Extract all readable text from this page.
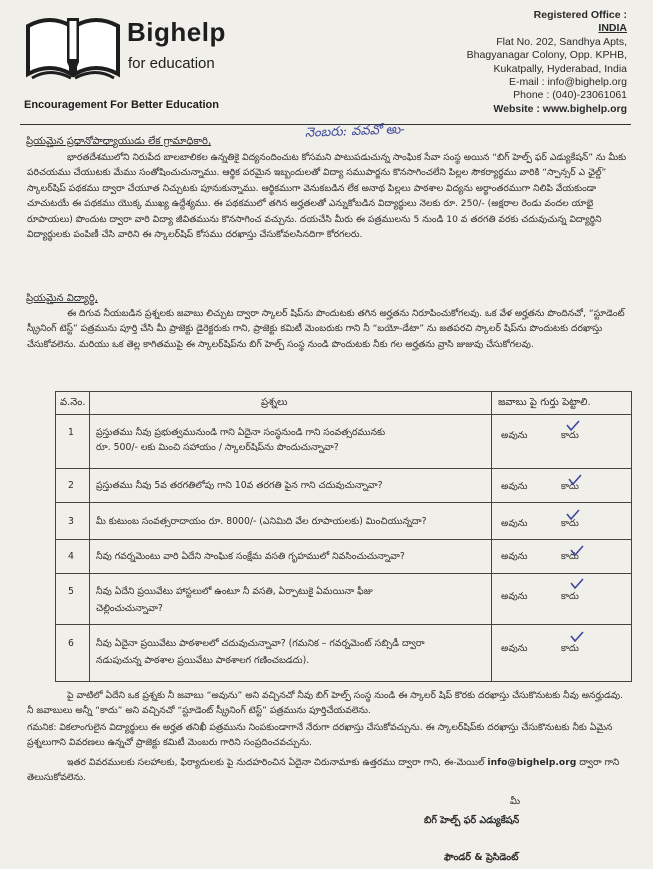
Bighelp
for education
Encouragement For Better Education
Registered Office :
INDIA
Flat No. 202, Sandhya Apts,
Bhagyanagar Colony, Opp. KPHB,
Kukatpally, Hyderabad, India
E-mail : info@bighelp.org
Phone : (040)-23061061
Website : www.bighelp.org
ప్రియమైన ప్రధానోపాధ్యాయుడు లేక గ్రామాధికారి,
నెంబరు: వవవో అు-
భారతదేశములోని నిరుపేద బాలబాలికల ఉన్నతికై విద్యనందించుట కోసమని పాటుపడుచున్న సాంఘిక సేవా సంస్థ అయిన “బిగ్ హెల్ప్ ఫర్ ఎడ్యుకేషన్” ను మీకు పరిచయము చేయుటకు మేము సంతోషించుచున్నాము. ఆర్థిక పరమైన ఇబ్బందులతో విద్యా సముపార్జను కొనసాగించలేని పిల్లల సౌకర్యార్థము వారికి “స్పాన్సర్ ఎ ఛైల్డ్” స్కాలర్‌షిప్ పథకము ద్వారా చేయూత నిచ్చుటకు పూనుకున్నాము. ఆర్థికముగా వెనుకబడిన లేక అనాథ పిల్లలు పాఠశాల విద్యను అర్థాంతరముగా నిలిపి వేయకుండా చూచుటయే ఈ పథకము యొక్క ముఖ్య ఉద్దేశ్యము. ఈ పథకములో తగిన అర్హతలతో ఎన్నుకోబడిన విద్యార్థులు నెలకు రూ. 250/- (అక్షరాల రెండు వందల యాభై రూపాయలు) పొందుట ద్వారా వారి విద్యా జీవితమును కొనసాగించ వచ్చును. దయచేసి మీరు ఈ పత్రములను 5 నుండి 10 వ తరగతి వరకు చదువుచున్న విద్యార్థిని విద్యార్థులకు పంపిణీ చేసి వారిని ఈ స్కాలర్‌షిప్ కోసము దరఖాస్తు చేసుకోవలసినదిగా కోరగలరు.
ప్రియమైన విద్యార్థి,
ఈ దిగువ నీయబడిన ప్రశ్నలకు జవాబు లిచ్చుట ద్వారా స్కాలర్ షిప్‌ను పొందుటకు తగిన అర్హతను నిరూపించుకోగలవు. ఒక వేళ అర్హతను పొందినచో, “స్టూడెంట్ స్క్రీనింగ్ టెస్ట్” పత్రమును పూర్తి చేసి మీ ప్రాజెక్టు డైరెక్టరుకు గాని, ప్రాజెక్టు కమిటీ మెంబరుకు గాని నీ “బయో-డేటా” ను జతపరచి స్కాలర్ షిప్‌ను పొందుటకు దరఖాస్తు చేసుకోవలెను. మరియు ఒక తెల్ల కాగితముపై ఈ స్కాలర్‌షిప్‌ను బిగ్ హెల్ప్ సంస్థ నుండి పొందుటకు నీకు గల అర్హతను వ్రాసి జుజువు చేసుకోగలవు.
వ.నెం.	ప్రశ్నలు	జవాబు పై గుర్తు పెట్టాలి.
1 ప్రస్తుతము నీవు ప్రభుత్వమునుండి గాని ఏదైనా సంస్థనుండి గాని సంవత్సరమునకు
రూ. 500/- లకు మించి సహాయం / స్కాలర్‌షిప్‌ను పొందుచున్నావా?
అవును	కాదు
2 ప్రస్తుతము నీవు 5వ తరగతిలోపు గాని 10వ తరగతి పైన గాని చదువుచున్నావా?	అవును	కాదు
3 మీ కుటుంబ సంవత్సరాదాయం రూ. 8000/- (ఎనిమిది వేల రూపాయలకు) మించియున్నదా?	అవును	కాదు
4 నీవు గవర్నమెంటు వారి ఏదేని సాంఘిక సంక్షేమ వసతి గృహములో నివసించుచున్నావా?	అవును	కాదు
5 నీవు ఏదేని ప్రయివేటు హాస్టలులో ఉంటూ నీ వసతి, ఏర్పాటుకై ఏమయినా ఫీజు
చెల్లించుచున్నావా?
అవును	కాదు
6 నీవు ఏదైనా ప్రయివేటు పాఠశాలలో చదువుచున్నావా? (గమనిక – గవర్నమెంట్ సబ్సిడీ ద్వారా
నడుపుచున్న పాఠశాల ప్రయివేటు పాఠశాలగ గణించబడదు).
అవును	కాదు
పై వాటిలో ఏదేని ఒక ప్రశ్నకు నీ జవాబు “అవును” అని వచ్చినచో నీవు బిగ్ హెల్ప్ సంస్థ నుండి ఈ స్కాలర్ షిప్ కొరకు దరఖాస్తు చేసుకొనుటకు నీవు అనర్హుడవు. నీ జవాబులు అన్నీ “కాదు” అని వచ్చినచో “స్టూడెంట్ స్క్రీనింగ్ టెస్ట్” పత్రమును పూర్తిచేయవలెను.
గమనిక: వికలాంగులైన విద్యార్థులు ఈ అర్హత తనిఖీ పత్రమును నింపకుండాగానే నేరుగా దరఖాస్తు చేసుకోవచ్చును. ఈ స్కాలర్‌షిప్‌కు దరఖాస్తు చేసుకొనుటకు నీకు ఏమైన ప్రశ్నలుగాని వివరణలు ఉన్నచో ప్రాజెక్టు కమిటీ మెంబరు గారిని సంప్రదించవచ్చును.
ఇతర వివరములకు సలహాలకు, ఫిర్యాదులకు పై నుదహరించిన ఏదైనా చిరునామాకు ఉత్తరము ద్వారా గాని, ఈ-మెయిల్ info@bighelp.org ద్వారా గాని తెలుసుకోవలెను.
మీ
బిగ్ హెల్ప్ ఫర్ ఎడ్యుకేషన్
ఫౌండర్ & ప్రెసిడెంట్
